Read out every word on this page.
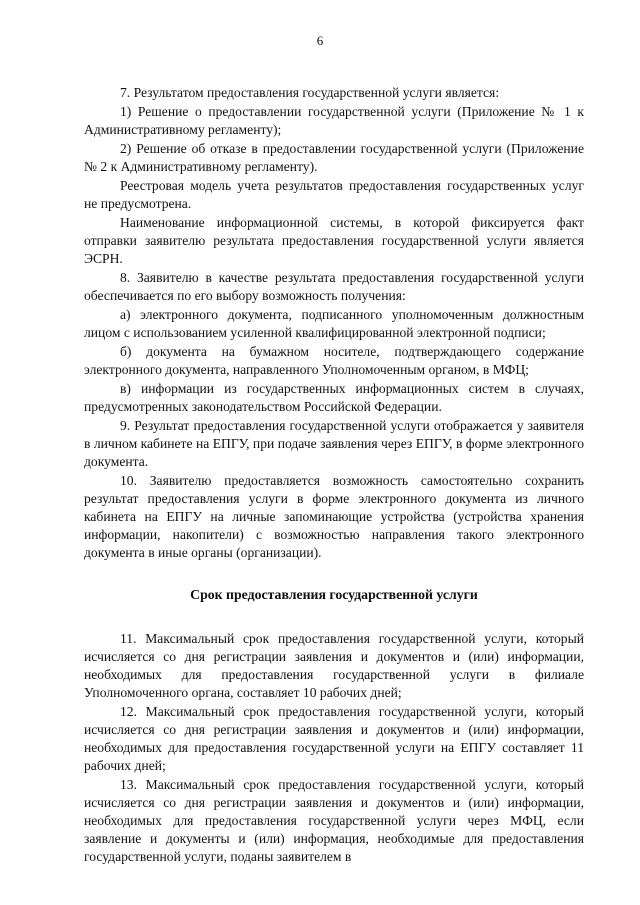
6

7. Результатом предоставления государственной услуги является:

1) Решение о предоставлении государственной услуги (Приложение № 1 к Административному регламенту);

2) Решение об отказе в предоставлении государственной услуги (Приложение № 2 к Административному регламенту).

Реестровая модель учета результатов предоставления государственных услуг не предусмотрена.

Наименование информационной системы, в которой фиксируется факт отправки заявителю результата предоставления государственной услуги является ЭСРН.

8. Заявителю в качестве результата предоставления государственной услуги обеспечивается по его выбору возможность получения:

а) электронного документа, подписанного уполномоченным должностным лицом с использованием усиленной квалифицированной электронной подписи;

б) документа на бумажном носителе, подтверждающего содержание электронного документа, направленного Уполномоченным органом, в МФЦ;

в) информации из государственных информационных систем в случаях, предусмотренных законодательством Российской Федерации.

9. Результат предоставления государственной услуги отображается у заявителя в личном кабинете на ЕПГУ, при подаче заявления через ЕПГУ, в форме электронного документа.

10. Заявителю предоставляется возможность самостоятельно сохранить результат предоставления услуги в форме электронного документа из личного кабинета на ЕПГУ на личные запоминающие устройства (устройства хранения информации, накопители) с возможностью направления такого электронного документа в иные органы (организации).

Срок предоставления государственной услуги

11. Максимальный срок предоставления государственной услуги, который исчисляется со дня регистрации заявления и документов и (или) информации, необходимых для предоставления государственной услуги в филиале Уполномоченного органа, составляет 10 рабочих дней;

12. Максимальный срок предоставления государственной услуги, который исчисляется со дня регистрации заявления и документов и (или) информации, необходимых для предоставления государственной услуги на ЕПГУ составляет 11 рабочих дней;

13. Максимальный срок предоставления государственной услуги, который исчисляется со дня регистрации заявления и документов и (или) информации, необходимых для предоставления государственной услуги через МФЦ, если заявление и документы и (или) информация, необходимые для предоставления государственной услуги, поданы заявителем в
